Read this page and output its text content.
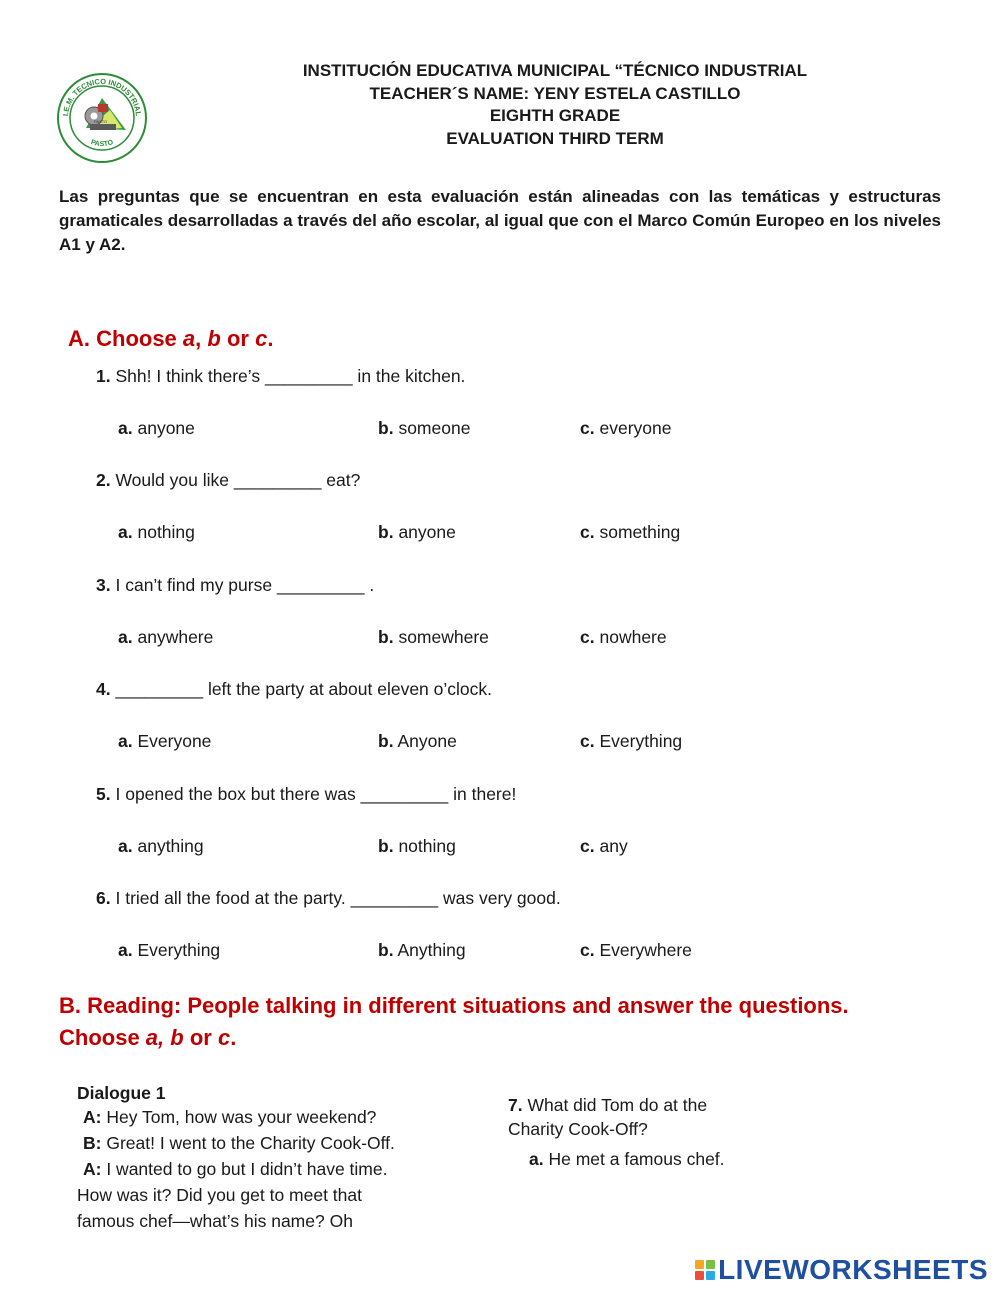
I.E.M. TECNICO INDUSTRIAL
PASTO
PASTO
INSTITUCIÓN EDUCATIVA MUNICIPAL “TÉCNICO INDUSTRIAL
TEACHER´S NAME: YENY ESTELA CASTILLO
EIGHTH GRADE
EVALUATION THIRD TERM
Las preguntas que se encuentran en esta evaluación están alineadas con las temáticas y estructuras gramaticales desarrolladas a través del año escolar, al igual que con el Marco Común Europeo en los niveles A1 y A2.
A. Choose a, b or c.
1. Shh! I think there’s _________ in the kitchen.
a. anyone	b. someone	c. everyone
2. Would you like _________ eat?
a. nothing	b. anyone	c. something
3. I can’t find my purse _________ .
a. anywhere	b. somewhere	c. nowhere
4. _________ left the party at about eleven o’clock.
a. Everyone	b. Anyone	c. Everything
5. I opened the box but there was _________ in there!
a. anything	b. nothing	c. any
6. I tried all the food at the party. _________ was very good.
a. Everything	b. Anything	c. Everywhere
B. Reading: People talking in different situations and answer the questions.
Choose a, b or c.
Dialogue 1
A: Hey Tom, how was your weekend?
B: Great! I went to the Charity Cook-Off.
A: I wanted to go but I didn’t have time.
How was it? Did you get to meet that
famous chef—what’s his name? Oh
7. What did Tom do at the
Charity Cook-Off?
a. He met a famous chef.
LIVEWORKSHEETS
